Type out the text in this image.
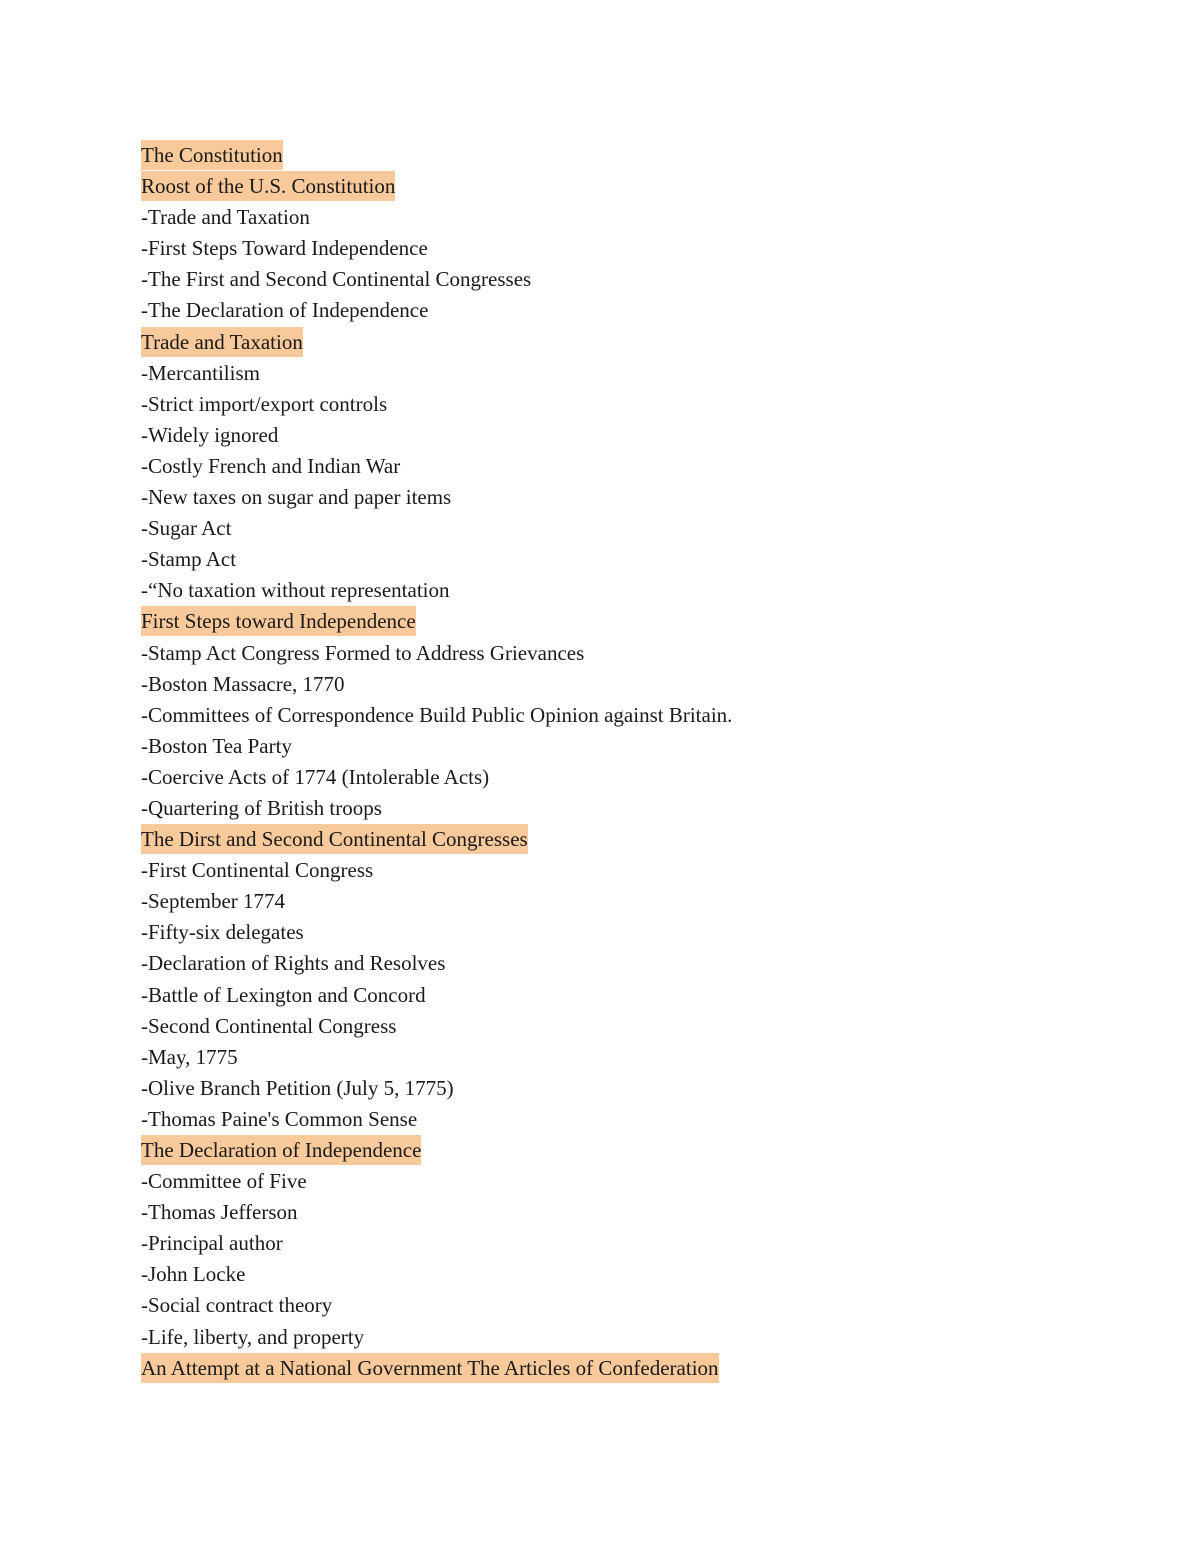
The Constitution
Roost of the U.S. Constitution
-Trade and Taxation
-First Steps Toward Independence
-The First and Second Continental Congresses
-The Declaration of Independence
Trade and Taxation
-Mercantilism
-Strict import/export controls
-Widely ignored
-Costly French and Indian War
-New taxes on sugar and paper items
-Sugar Act
-Stamp Act
-“No taxation without representation
First Steps toward Independence
-Stamp Act Congress Formed to Address Grievances
-Boston Massacre, 1770
-Committees of Correspondence Build Public Opinion against Britain.
-Boston Tea Party
-Coercive Acts of 1774 (Intolerable Acts)
-Quartering of British troops
The Dirst and Second Continental Congresses
-First Continental Congress
-September 1774
-Fifty-six delegates
-Declaration of Rights and Resolves
-Battle of Lexington and Concord
-Second Continental Congress
-May, 1775
-Olive Branch Petition (July 5, 1775)
-Thomas Paine's Common Sense
The Declaration of Independence
-Committee of Five
-Thomas Jefferson
-Principal author
-John Locke
-Social contract theory
-Life, liberty, and property
An Attempt at a National Government The Articles of Confederation
